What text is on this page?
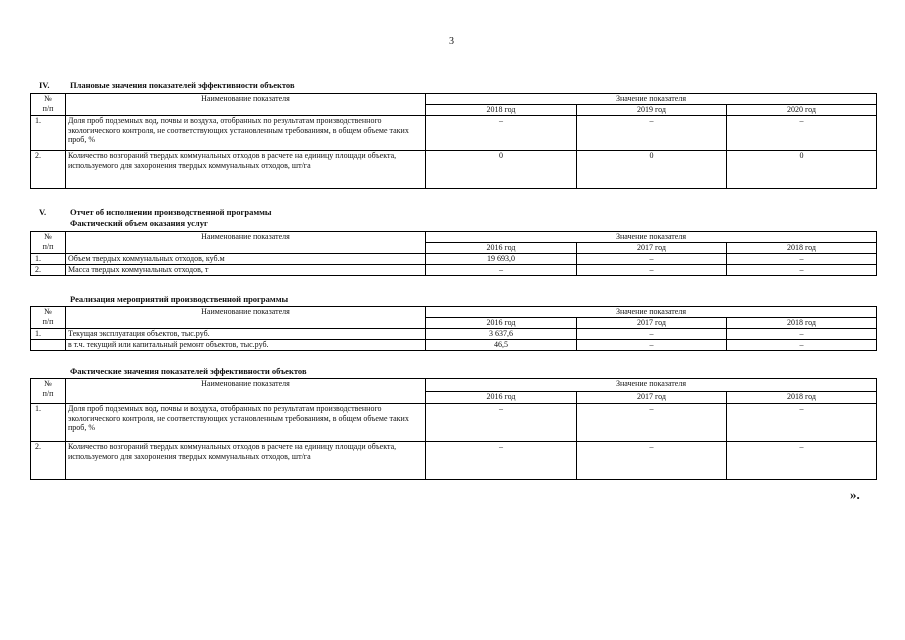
3
IV. Плановые значения показателей эффективности объектов
№
п/п	Наименование показателя	Значение показателя		
		2018 год	2019 год	2020 год
1.	Доля проб подземных вод, почвы и воздуха, отобранных по результатам производственного экологического контроля, не соответствующих установленным требованиям, в общем объеме таких проб, %	–	–	–
2.	Количество возгораний твердых коммунальных отходов в расчете на единицу площади объекта, используемого для захоронения твердых коммунальных отходов, шт/га	0	0	0
V.	Отчет об исполнении производственной программы
Фактический объем оказания услуг
№
п/п	Наименование показателя	Значение показателя		
		2016 год	2017 год	2018 год
1.	Объем твердых коммунальных отходов, куб.м	19 693,0	–	–
2.	Масса твердых коммунальных отходов, т	–	–	–
Реализация мероприятий производственной программы
№
п/п	Наименование показателя	Значение показателя		
		2016 год	2017 год	2018 год
1.	Текущая эксплуатация объектов, тыс.руб.	3 637,6	–	–
	в т.ч. текущий или капитальный ремонт объектов, тыс.руб.	46,5	–	–
Фактические значения показателей эффективности объектов
№
п/п	Наименование показателя	Значение показателя		
		2016 год	2017 год	2018 год
1.	Доля проб подземных вод, почвы и воздуха, отобранных по результатам производственного экологического контроля, не соответствующих установленным требованиям, в общем объеме таких проб, %	–	–	–
2.	Количество возгораний твердых коммунальных отходов в расчете на единицу площади объекта, используемого для захоронения твердых коммунальных отходов, шт/га	–	–	–
».
